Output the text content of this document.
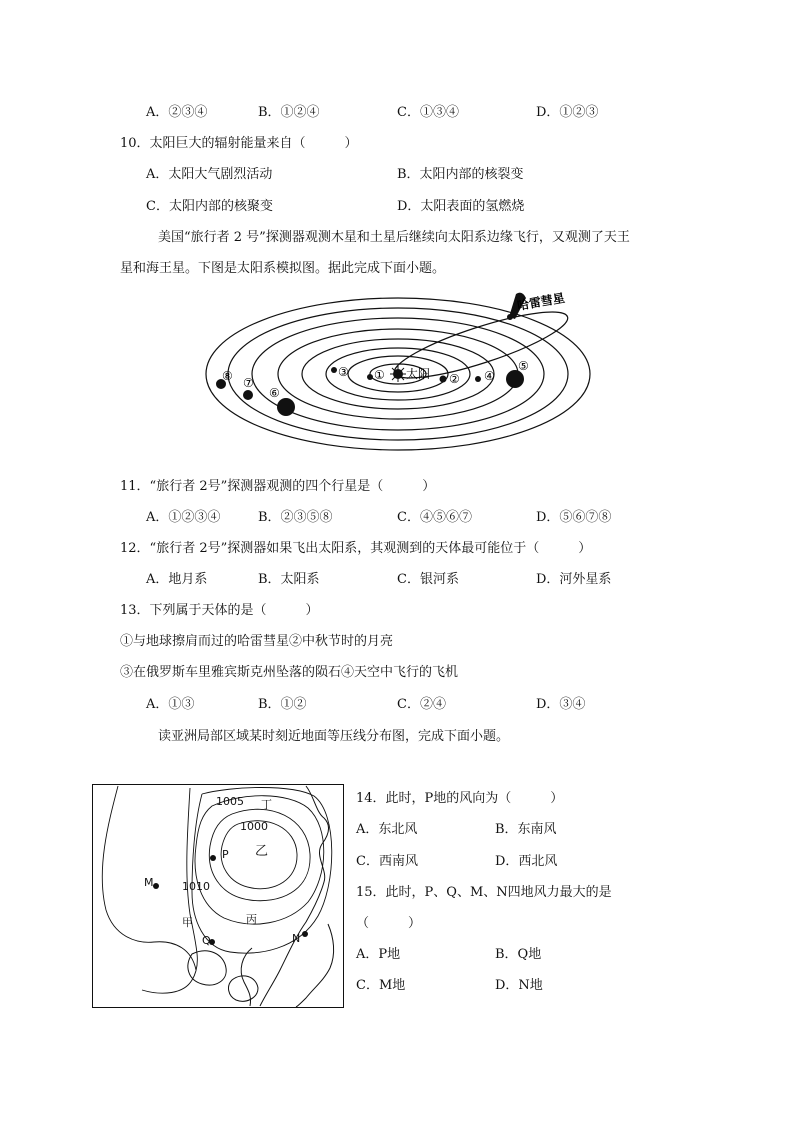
A．②③④	B．①②④	C．①③④	D．①②③
10．太阳巨大的辐射能量来自（　　　）
A．太阳大气剧烈活动	B．太阳内部的核裂变
C．太阳内部的核聚变	D．太阳表面的氢燃烧
美国“旅行者 2 号”探测器观测木星和土星后继续向太阳系边缘飞行，又观测了天王
星和海王星。下图是太阳系模拟图。据此完成下面小题。
太阳
①	②
③	④
⑤
⑥
⑦
⑧
哈雷彗星
11．“旅行者 2号”探测器观测的四个行星是（　　　）
A．①②③④	B．②③⑤⑧	C．④⑤⑥⑦	D．⑤⑥⑦⑧
12．“旅行者 2号”探测器如果飞出太阳系，其观测到的天体最可能位于（　　　）
A．地月系	B．太阳系	C．银河系	D．河外星系
13．下列属于天体的是（　　　）
①与地球擦肩而过的哈雷彗星②中秋节时的月亮
③在俄罗斯车里雅宾斯克州坠落的陨石④天空中飞行的飞机
A．①③	B．①②	C．②④	D．③④
读亚洲局部区域某时刻近地面等压线分布图，完成下面小题。
1005
1000
1010
丁
乙
P
M
甲
Q
丙
N
14．此时，P地的风向为（　　　）
A．东北风	B．东南风
C．西南风	D．西北风
15．此时，P、Q、M、N四地风力最大的是
（　　　）
A．P地	B．Q地
C．M地	D．N地
